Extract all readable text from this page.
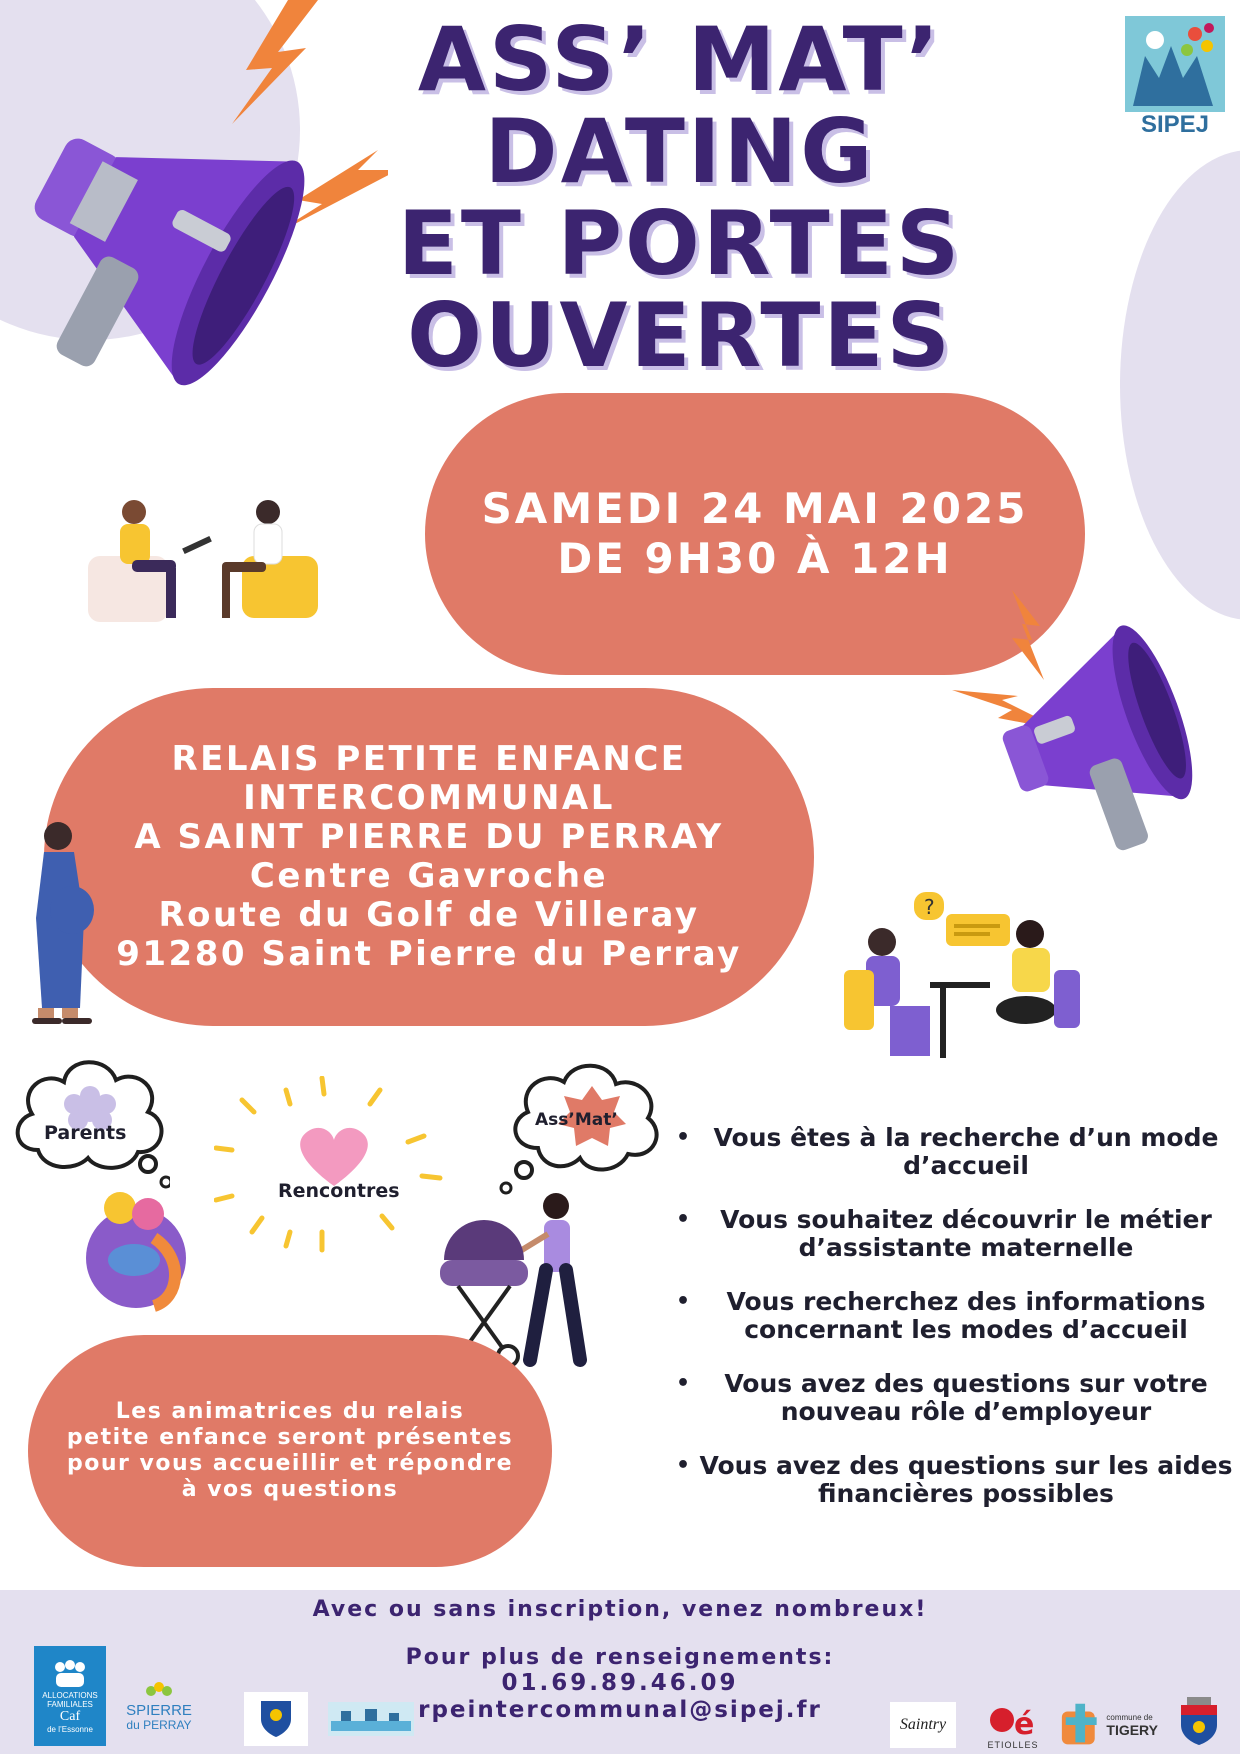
ASS’ MAT’
DATING
ET PORTES
OUVERTES
SIPEJ
SAMEDI 24 MAI 2025
DE 9H30 À 12H
RELAIS PETITE ENFANCE
INTERCOMMUNAL
A SAINT PIERRE DU PERRAY
Centre Gavroche
Route du Golf de Villeray
91280 Saint Pierre du Perray
?
Parents
Rencontres
Ass’Mat’
• Vous êtes à la recherche d’un mode d’accueil
• Vous souhaitez découvrir le métier d’assistante maternelle
• Vous recherchez des informations concernant les modes d’accueil
• Vous avez des questions sur votre nouveau rôle d’employeur
• Vous avez des questions sur les aides financières possibles
Les animatrices du relais
petite enfance seront présentes
pour vous accueillir et répondre
à vos questions
Avec ou sans inscription, venez nombreux!
Pour plus de renseignements:
01.69.89.46.09
rpeintercommunal@sipej.fr
ALLOCATIONS
FAMILIALES
Caf
de l’Essonne
SPIERRE
du PERRAY	Saintry	é
ETIOLLES
commune de
TIGERY
